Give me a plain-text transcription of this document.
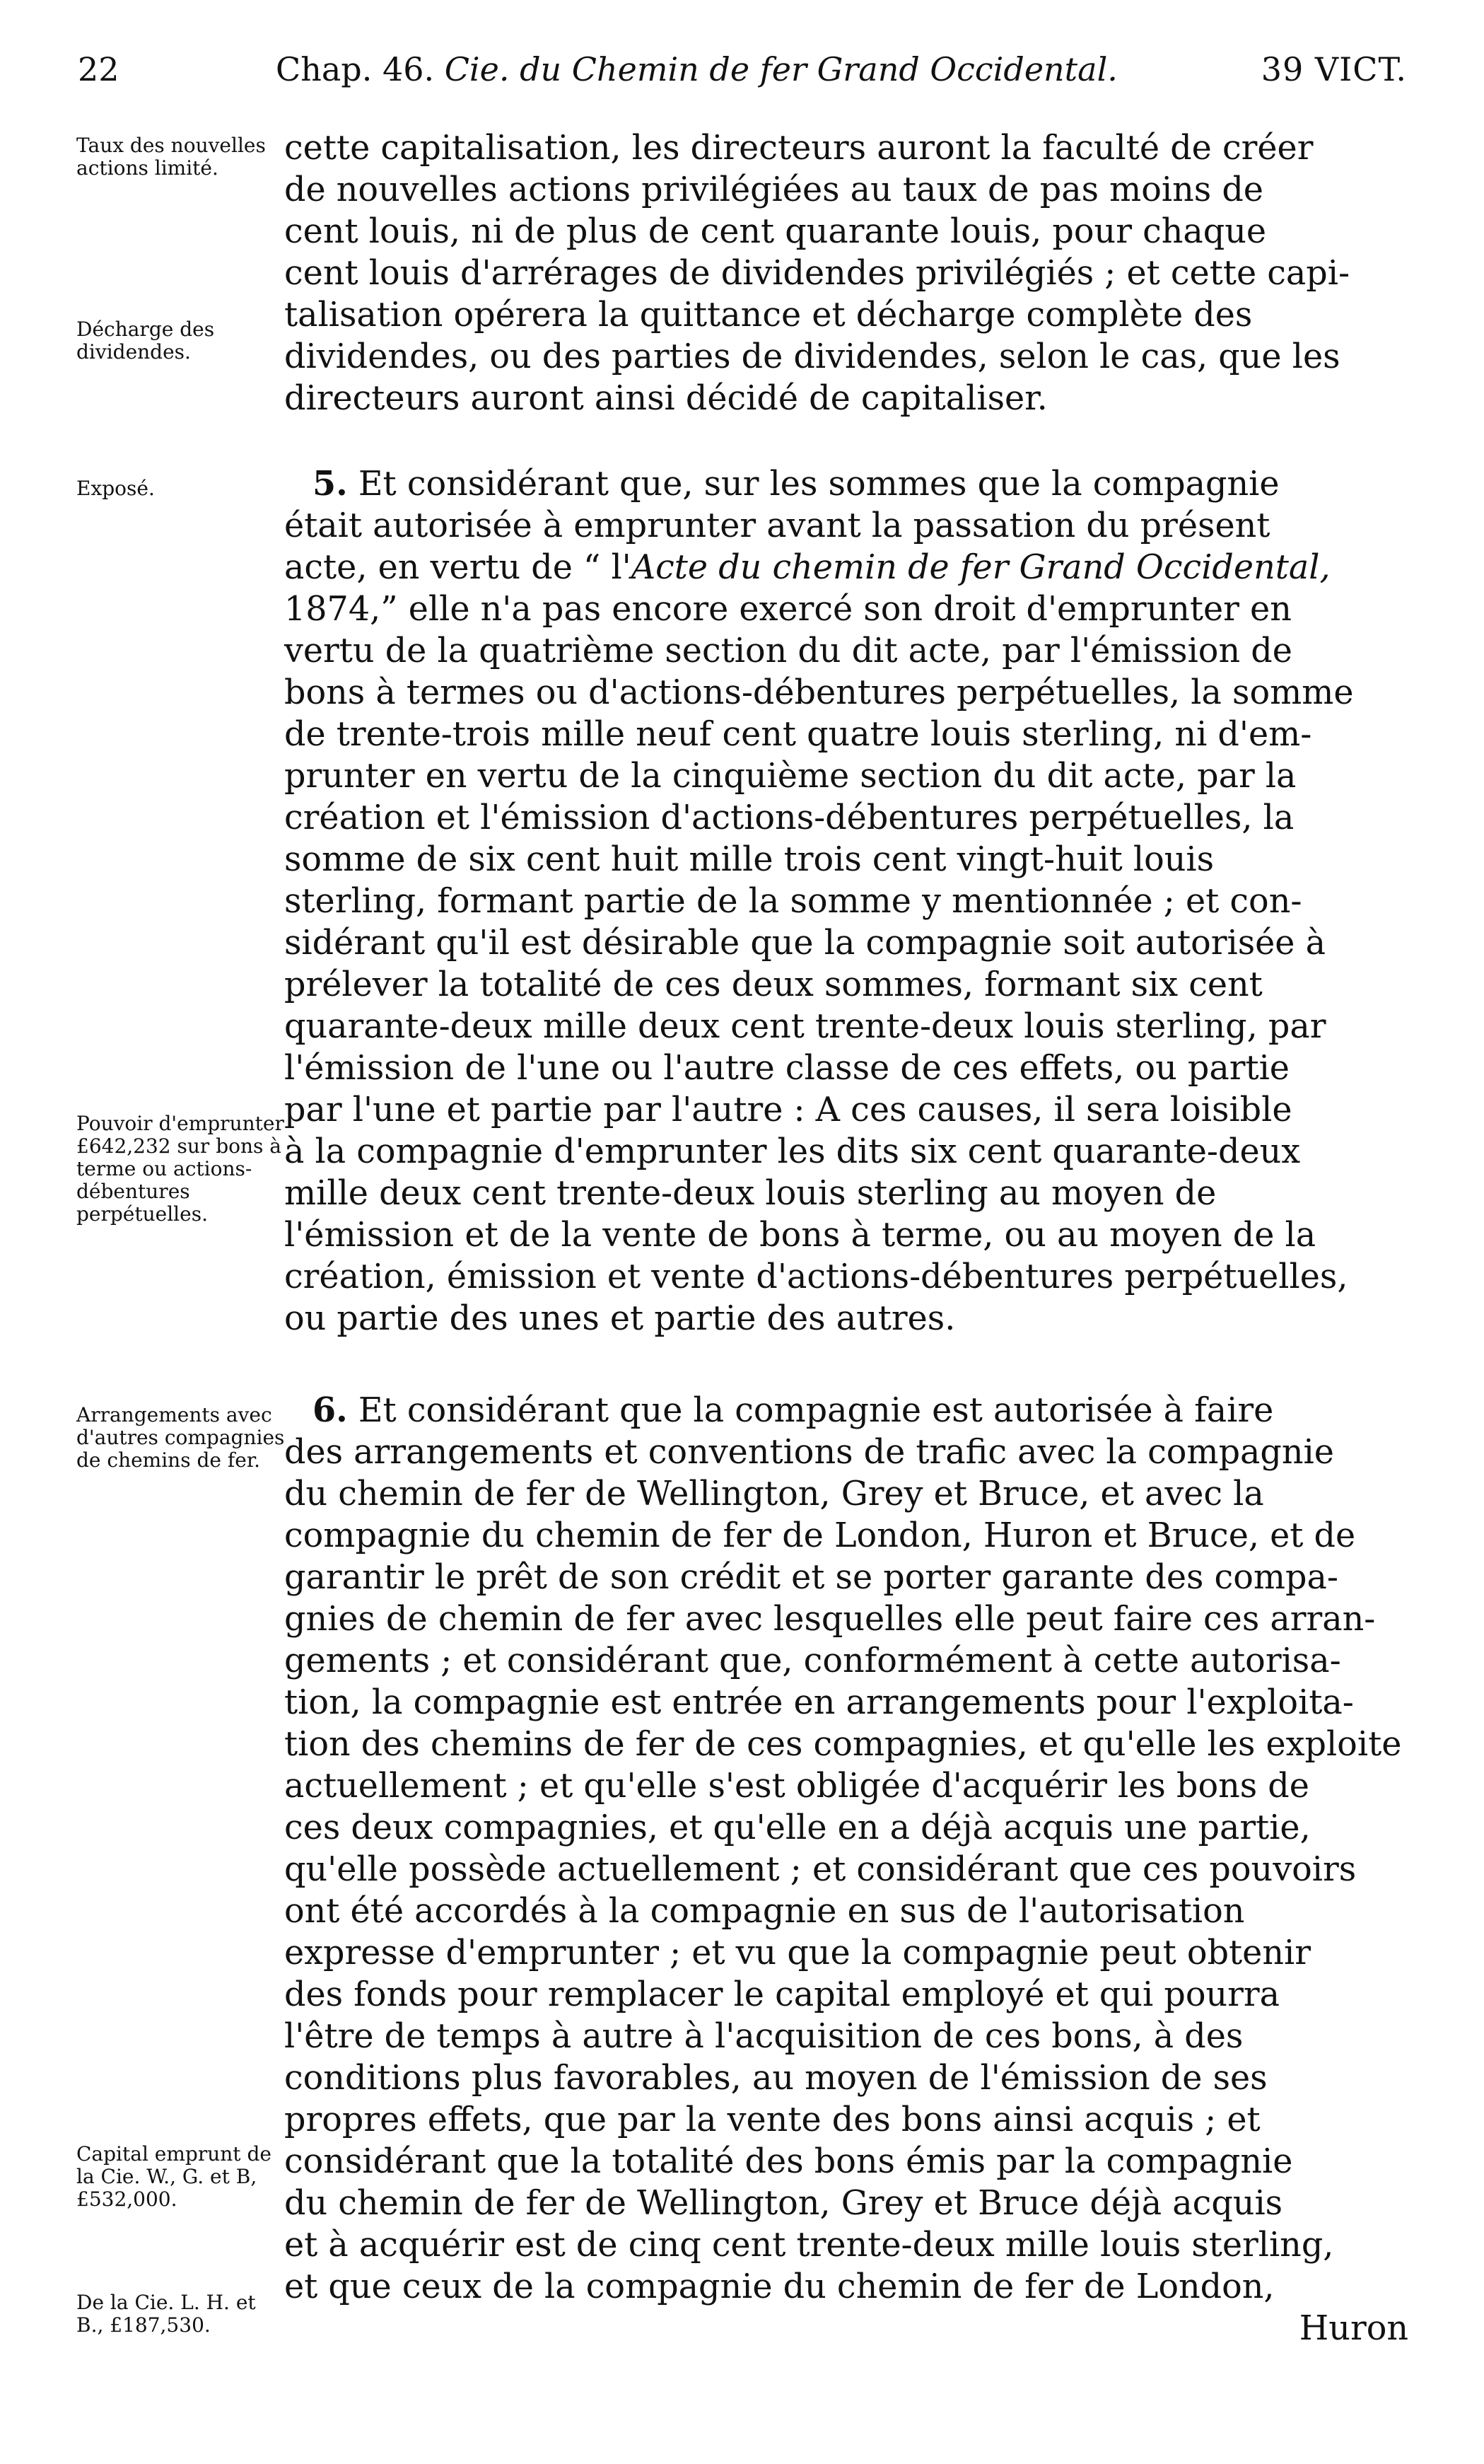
22	Chap. 46. Cie. du Chemin de fer Grand Occidental.	39 VICT.

Taux des nouvelles actions limité.

Décharge des dividendes.

Exposé.

Pouvoir d'emprunter £642,232 sur bons à terme ou actions-débentures perpétuelles.

Arrangements avec d'autres compagnies de chemins de fer.

Capital emprunt de la Cie. W., G. et B, £532,000.

De la Cie. L. H. et B., £187,530.

cette capitalisation, les directeurs auront la faculté de créer
de nouvelles actions privilégiées au taux de pas moins de
cent louis, ni de plus de cent quarante louis, pour chaque
cent louis d'arrérages de dividendes privilégiés ; et cette capi-
talisation opérera la quittance et décharge complète des
dividendes, ou des parties de dividendes, selon le cas, que les
directeurs auront ainsi décidé de capitaliser.
5. Et considérant que, sur les sommes que la compagnie
était autorisée à emprunter avant la passation du présent
acte, en vertu de “ l'Acte du chemin de fer Grand Occidental,
1874,” elle n'a pas encore exercé son droit d'emprunter en
vertu de la quatrième section du dit acte, par l'émission de
bons à termes ou d'actions-débentures perpétuelles, la somme
de trente-trois mille neuf cent quatre louis sterling, ni d'em-
prunter en vertu de la cinquième section du dit acte, par la
création et l'émission d'actions-débentures perpétuelles, la
somme de six cent huit mille trois cent vingt-huit louis
sterling, formant partie de la somme y mentionnée ; et con-
sidérant qu'il est désirable que la compagnie soit autorisée à
prélever la totalité de ces deux sommes, formant six cent
quarante-deux mille deux cent trente-deux louis sterling, par
l'émission de l'une ou l'autre classe de ces effets, ou partie
par l'une et partie par l'autre : A ces causes, il sera loisible
à la compagnie d'emprunter les dits six cent quarante-deux
mille deux cent trente-deux louis sterling au moyen de
l'émission et de la vente de bons à terme, ou au moyen de la
création, émission et vente d'actions-débentures perpétuelles,
ou partie des unes et partie des autres.
6. Et considérant que la compagnie est autorisée à faire
des arrangements et conventions de trafic avec la compagnie
du chemin de fer de Wellington, Grey et Bruce, et avec la
compagnie du chemin de fer de London, Huron et Bruce, et de
garantir le prêt de son crédit et se porter garante des compa-
gnies de chemin de fer avec lesquelles elle peut faire ces arran-
gements ; et considérant que, conformément à cette autorisa-
tion, la compagnie est entrée en arrangements pour l'exploita-
tion des chemins de fer de ces compagnies, et qu'elle les exploite
actuellement ; et qu'elle s'est obligée d'acquérir les bons de
ces deux compagnies, et qu'elle en a déjà acquis une partie,
qu'elle possède actuellement ; et considérant que ces pouvoirs
ont été accordés à la compagnie en sus de l'autorisation
expresse d'emprunter ; et vu que la compagnie peut obtenir
des fonds pour remplacer le capital employé et qui pourra
l'être de temps à autre à l'acquisition de ces bons, à des
conditions plus favorables, au moyen de l'émission de ses
propres effets, que par la vente des bons ainsi acquis ; et
considérant que la totalité des bons émis par la compagnie
du chemin de fer de Wellington, Grey et Bruce déjà acquis
et à acquérir est de cinq cent trente-deux mille louis sterling,
et que ceux de la compagnie du chemin de fer de London,
Huron
